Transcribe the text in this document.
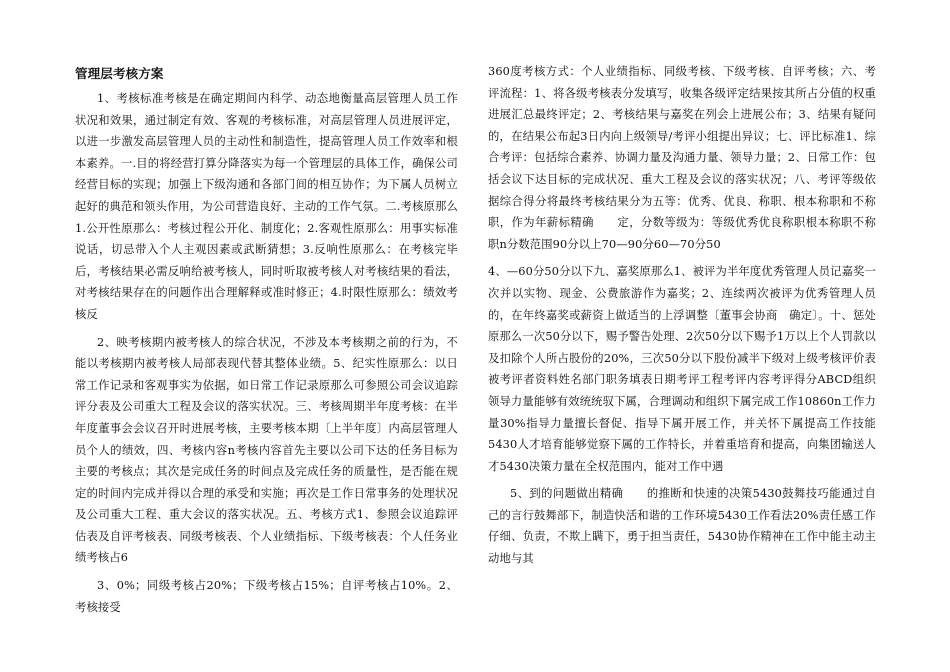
管理层考核方案

1、考核标准考核是在确定期间内科学、动态地衡量高层管理人员工作状况和效果，通过制定有效、客观的考核标准，对高层管理人员进展评定，以进一步激发高层管理人员的主动性和制造性，提高管理人员工作效率和根本素养。一.目的将经营打算分降落实为每一个管理层的具体工作，确保公司经营目标的实现；加强上下级沟通和各部门间的相互协作；为下属人员树立起好的典范和领头作用，为公司营造良好、主动的工作气氛。二.考核原那么1.公开性原那么：考核过程公开化、制度化；2.客观性原那么：用事实标准说话，切忌带入个人主观因素或武断猜想；3.反响性原那么：在考核完毕后，考核结果必需反响给被考核人，同时听取被考核人对考核结果的看法，对考核结果存在的问题作出合理解释或准时修正；4.时限性原那么：绩效考核反

2、映考核期内被考核人的综合状况，不涉及本考核期之前的行为，不能以考核期内被考核人局部表现代替其整体业绩。5、纪实性原那么：以日常工作记录和客观事实为依据，如日常工作记录原那么可参照公司会议追踪评分表及公司重大工程及会议的落实状况。三、考核周期半年度考核：在半年度董事会会议召开时进展考核，主要考核本期〔上半年度〕内高层管理人员个人的绩效，四、考核内容n考核内容首先主要以公司下达的任务目标为主要的考核点；其次是完成任务的时间点及完成任务的质量性，是否能在规定的时间内完成并得以合理的承受和实施；再次是工作日常事务的处理状况及公司重大工程、重大会议的落实状况。五、考核方式1、参照会议追踪评估表及自评考核表、同级考核表、个人业绩指标、下级考核表：个人任务业绩考核占6

3、0%；同级考核占20%；下级考核占15%；自评考核占10%。2、考核接受

360度考核方式：个人业绩指标、同级考核、下级考核、自评考核；六、考评流程：1、将各级考核表分发填写，收集各级评定结果按其所占分值的权重进展汇总最终评定；2、考核结果与嘉奖在列会上进展公布；3、结果有疑问的，在结果公布起3日内向上级领导/考评小组提出异议；七、评比标准1、综合考评：包括综合素养、协调力量及沟通力量、领导力量；2、日常工作：包括会议下达目标的完成状况、重大工程及会议的落实状况；八、考评等级依据综合得分将最终考核结果分为五等：优秀、优良、称职、根本称职和不称职，作为年薪标精确　　定，分数等级为：等级优秀优良称职根本称职不称职n分数范围90分以上70—90分60—70分50

4、—60分50分以下九、嘉奖原那么1、被评为半年度优秀管理人员记嘉奖一次并以实物、现金、公费旅游作为嘉奖；2、连续两次被评为优秀管理人员的，在年终嘉奖或薪资上做适当的上浮调整〔董事会协商　确定〕。十、惩处原那么一次50分以下，赐予警告处理、2次50分以下赐予1万以上个人罚款以及扣除个人所占股份的20%，三次50分以下股份减半下级对上级考核评价表被考评者资料姓名部门职务填表日期考评工程考评内容考评得分ABCD组织领导力量能够有效统统驭下属，合理调动和组织下属完成工作10860n工作力量30%指导力量擅长督促、指导下属开展工作，并关怀下属提高工作技能5430人才培育能够觉察下属的工作特长，并着重培育和提高，向集团输送人才5430决策力量在全权范围内，能对工作中遇

5、到的问题做出精确　　的推断和快速的决策5430鼓舞技巧能通过自己的言行鼓舞部下，制造快活和谐的工作环境5430工作看法20%责任感工作仔细、负责，不欺上瞒下，勇于担当责任，5430协作精神在工作中能主动主动地与其
